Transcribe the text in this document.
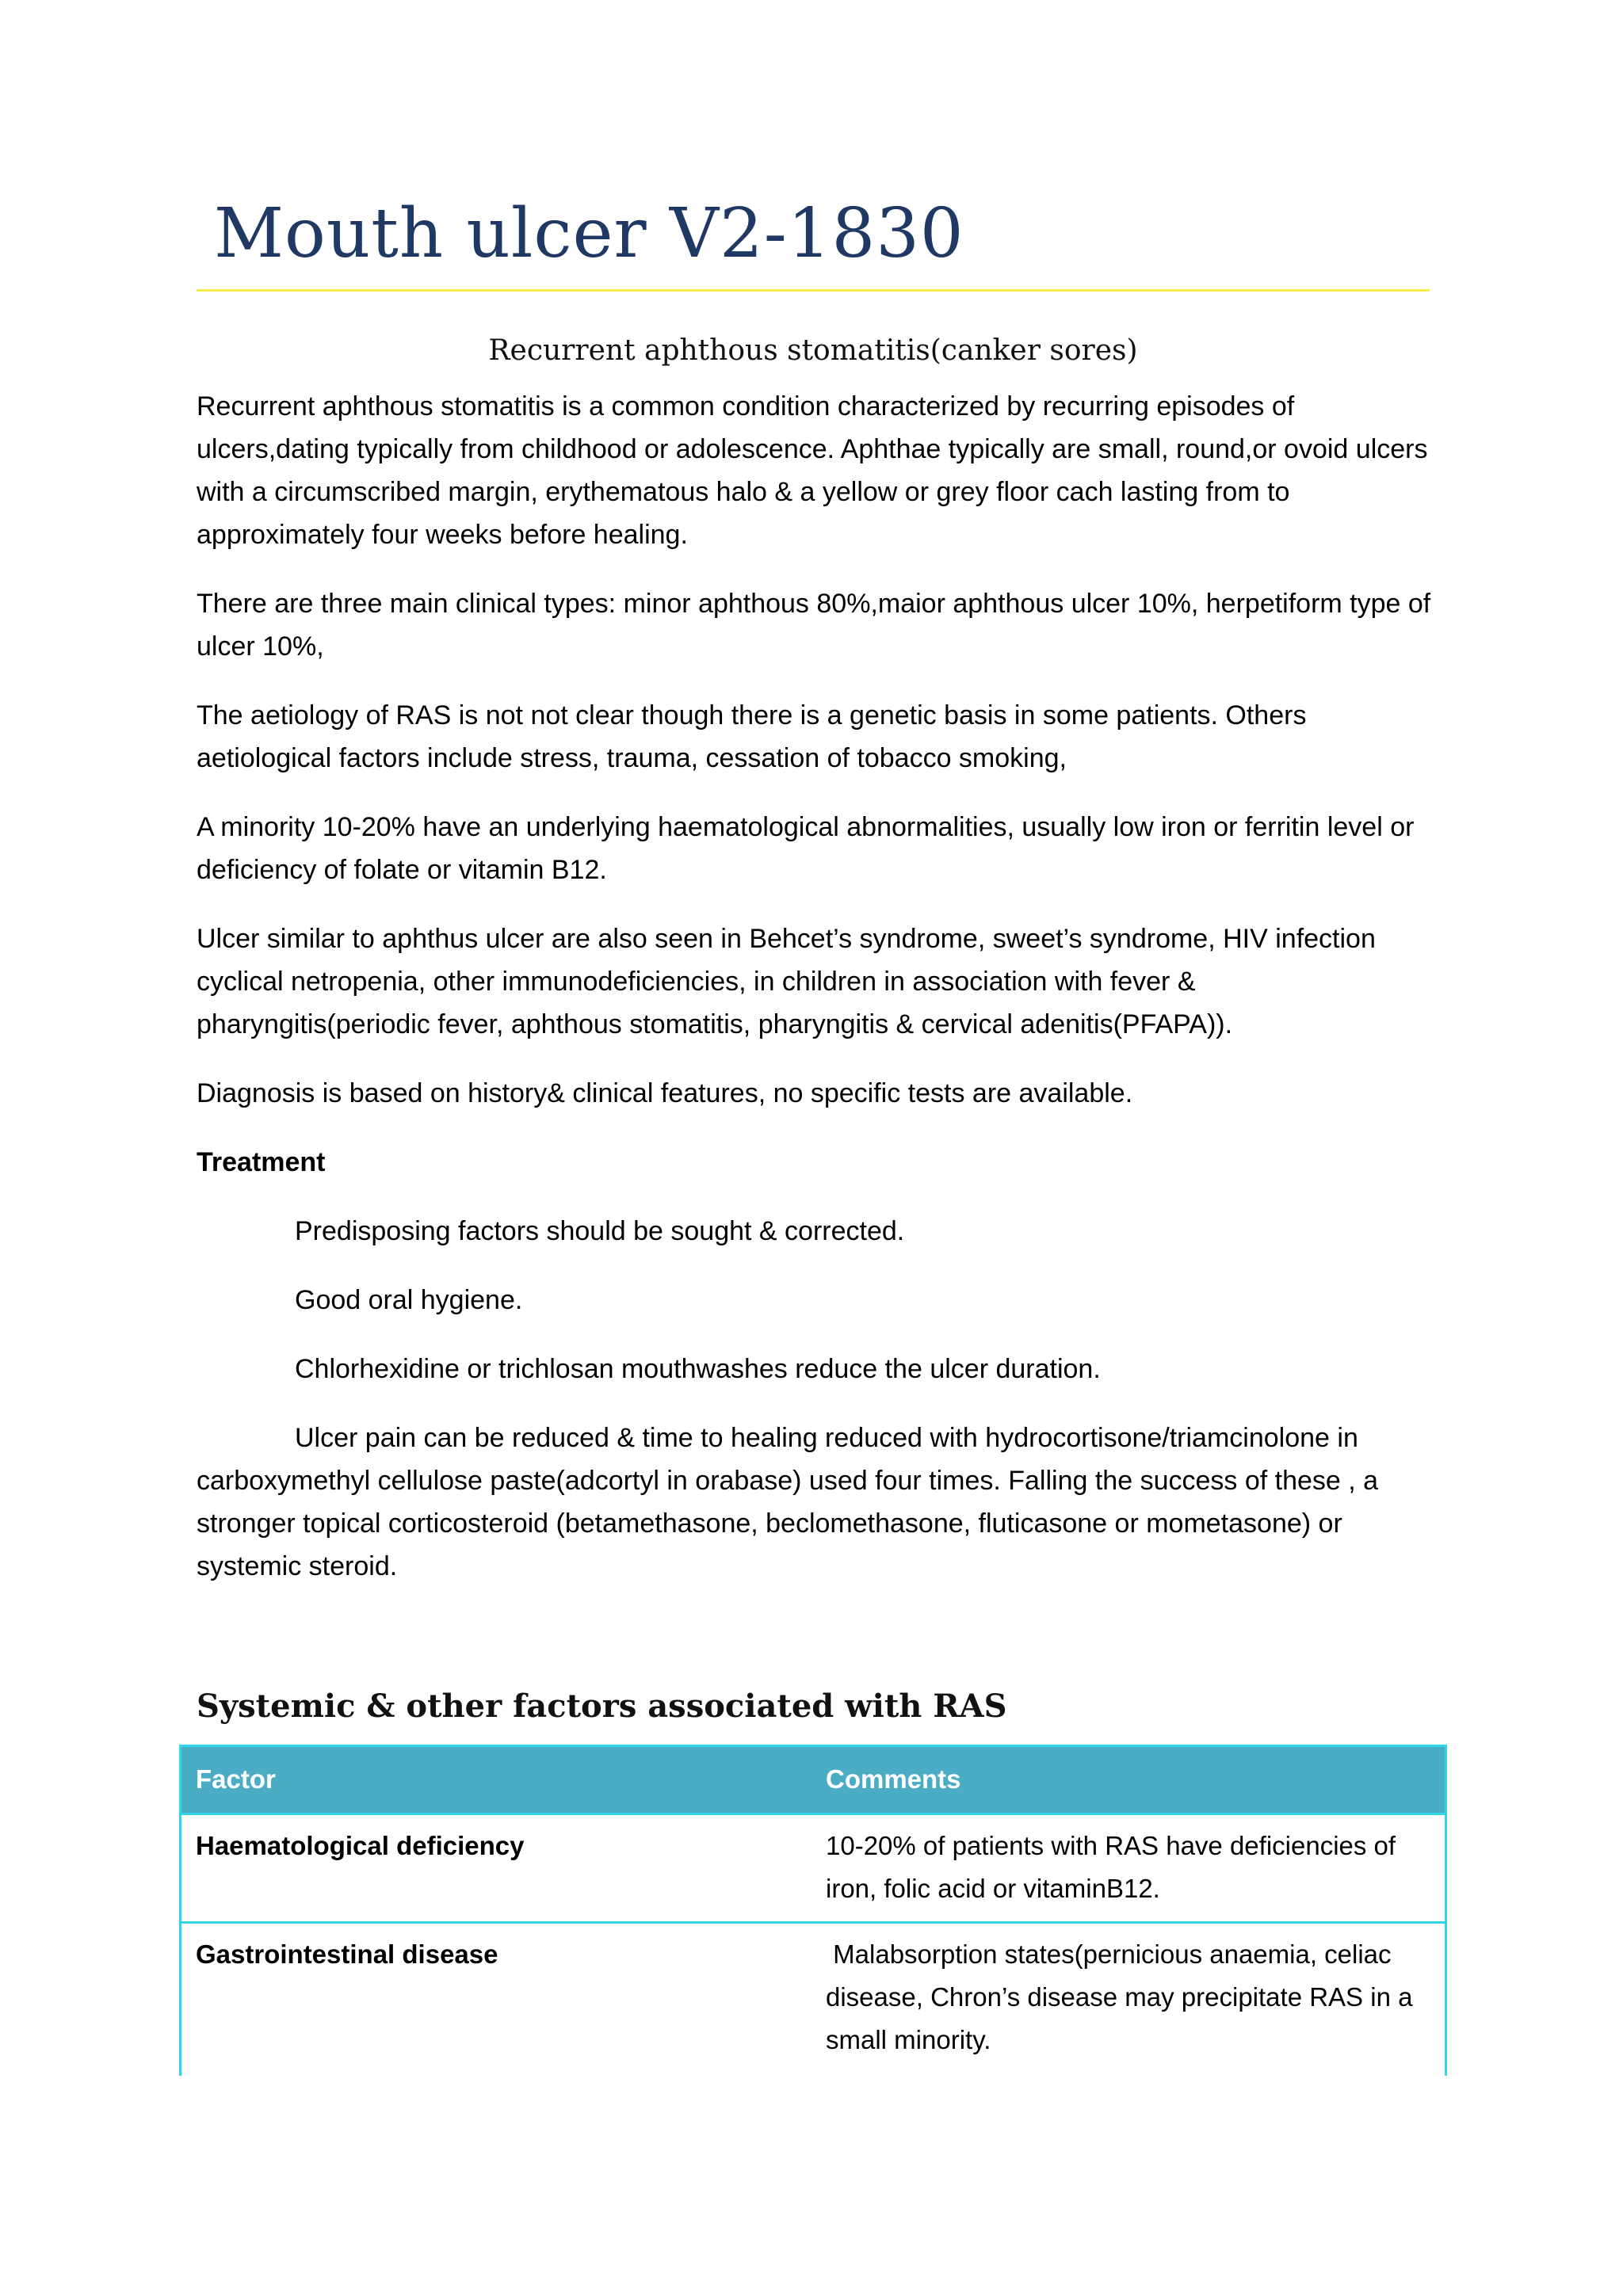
Mouth ulcer V2-1830
Recurrent aphthous stomatitis(canker sores)

Recurrent aphthous stomatitis is a common condition characterized by recurring episodes of ulcers,dating typically from childhood or adolescence. Aphthae typically are small, round,or ovoid ulcers with a circumscribed margin, erythematous halo & a yellow or grey floor cach lasting from to approximately four weeks before healing.

There are three main clinical types: minor aphthous 80%,maior aphthous ulcer 10%, herpetiform type of ulcer 10%,

The aetiology of RAS is not not clear though there is a genetic basis in some patients. Others aetiological factors include stress, trauma, cessation of tobacco smoking,

A minority 10-20% have an underlying haematological abnormalities, usually low iron or ferritin level or deficiency of folate or vitamin B12.

Ulcer similar to aphthus ulcer are also seen in Behcet’s syndrome, sweet’s syndrome, HIV infection cyclical netropenia, other immunodeficiencies, in children in association with fever & pharyngitis(periodic fever, aphthous stomatitis, pharyngitis & cervical adenitis(PFAPA)).

Diagnosis is based on history& clinical features, no specific tests are available.

Treatment

Predisposing factors should be sought & corrected.

Good oral hygiene.

Chlorhexidine or trichlosan mouthwashes reduce the ulcer duration.

Ulcer pain can be reduced & time to healing reduced with hydrocortisone/triamcinolone in carboxymethyl cellulose paste(adcortyl in orabase) used four times. Falling the success of these , a stronger topical corticosteroid (betamethasone, beclomethasone, fluticasone or mometasone) or systemic steroid.

Systemic & other factors associated with RAS
Factor	Comments
Haematological deficiency	10-20% of patients with RAS have deficiencies of iron, folic acid or vitaminB12.
Gastrointestinal disease	Malabsorption states(pernicious anaemia, celiac disease, Chron’s disease may precipitate RAS in a small minority.
